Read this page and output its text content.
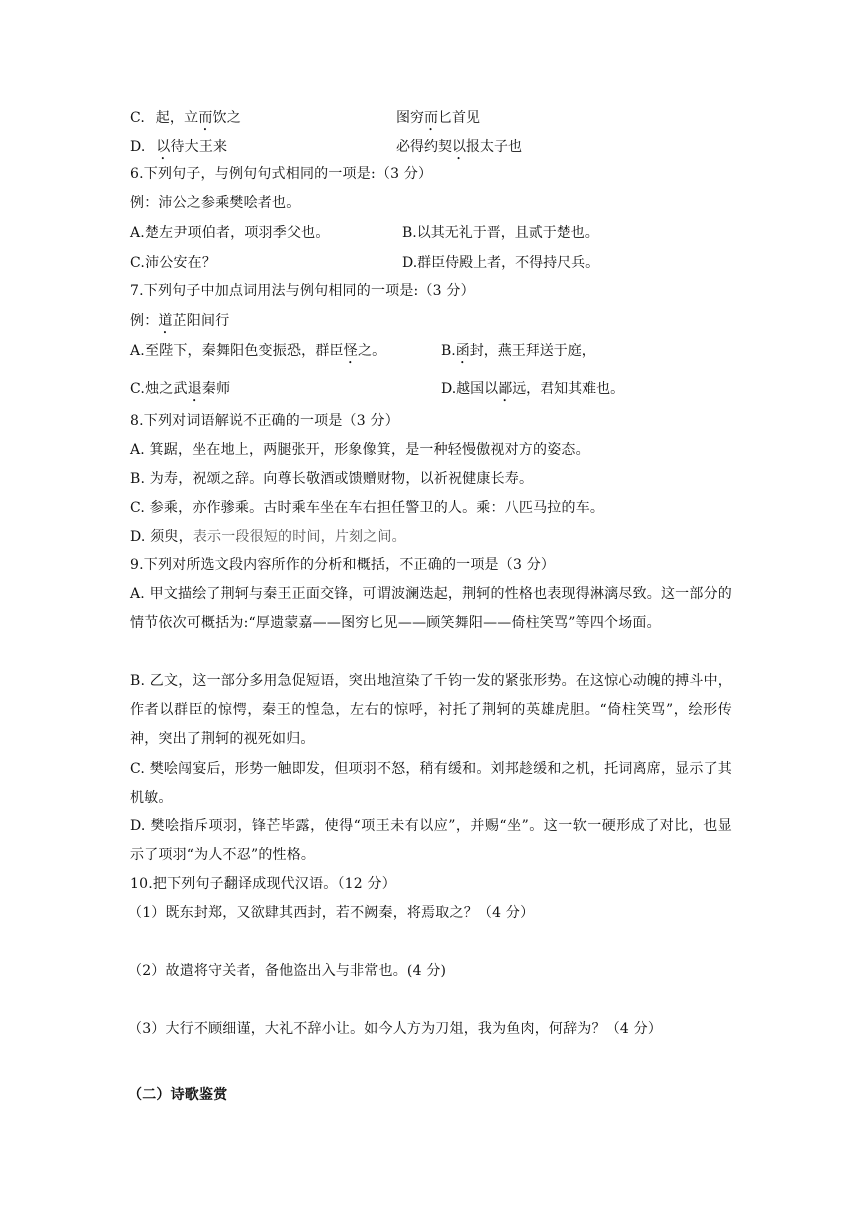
C. 起，立而饮之	图穷而匕首见
D. 以待大王来	必得约契以报太子也
6.下列句子，与例句句式相同的一项是:（3 分）
例：沛公之参乘樊哙者也。
A.楚左尹项伯者，项羽季父也。	B.以其无礼于晋，且贰于楚也。
C.沛公安在？	D.群臣侍殿上者，不得持尺兵。
7.下列句子中加点词用法与例句相同的一项是:（3 分）
例：道芷阳间行
A.至陛下，秦舞阳色变振恐，群臣怪之。	B.函封，燕王拜送于庭，
C.烛之武退秦师	D.越国以鄙远，君知其难也。
8.下列对词语解说不正确的一项是（3 分）
A. 箕踞，坐在地上，两腿张开，形象像箕，是一种轻慢傲视对方的姿态。
B. 为寿，祝颂之辞。向尊长敬酒或馈赠财物，以祈祝健康长寿。
C. 参乘，亦作骖乘。古时乘车坐在车右担任警卫的人。乘：八匹马拉的车。
D. 须臾，表示一段很短的时间，片刻之间。
9.下列对所选文段内容所作的分析和概括，不正确的一项是（3 分）
A. 甲文描绘了荆轲与秦王正面交锋，可谓波澜迭起，荆轲的性格也表现得淋漓尽致。这一部分的情节依次可概括为:“厚遗蒙嘉——图穷匕见——顾笑舞阳——倚柱笑骂”等四个场面。
B. 乙文，这一部分多用急促短语，突出地渲染了千钧一发的紧张形势。在这惊心动魄的搏斗中，作者以群臣的惊愕，秦王的惶急，左右的惊呼，衬托了荆轲的英雄虎胆。“倚柱笑骂”，绘形传神，突出了荆轲的视死如归。
C. 樊哙闯宴后，形势一触即发，但项羽不怒，稍有缓和。刘邦趁缓和之机，托词离席，显示了其机敏。
D. 樊哙指斥项羽，锋芒毕露，使得“项王未有以应”，并赐“坐”。这一软一硬形成了对比，也显示了项羽“为人不忍”的性格。
10.把下列句子翻译成现代汉语。（12 分）
（1）既东封郑，又欲肆其西封，若不阙秦，将焉取之？（4 分）
（2）故遣将守关者，备他盗出入与非常也。(4 分)
（3）大行不顾细谨，大礼不辞小让。如今人方为刀俎，我为鱼肉，何辞为？（4 分）
（二）诗歌鉴赏
